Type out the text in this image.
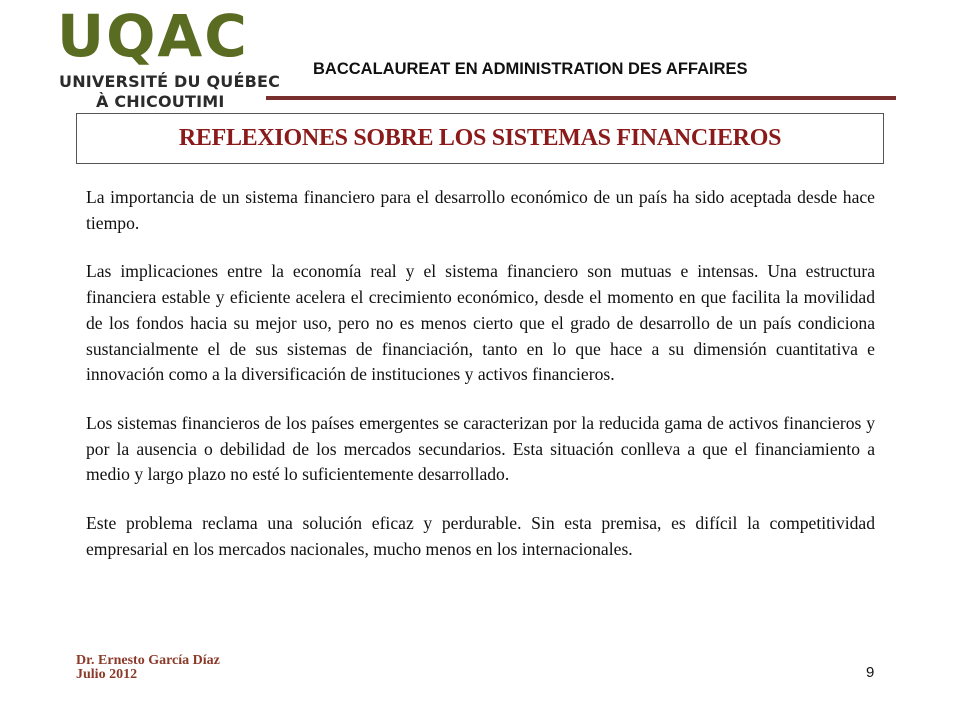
UQAC
UNIVERSITÉ DU QUÉBEC
À CHICOUTIMI
BACCALAUREAT EN ADMINISTRATION DES AFFAIRES
REFLEXIONES SOBRE LOS SISTEMAS FINANCIEROS

La importancia de un sistema financiero para el desarrollo económico de un país ha sido aceptada desde hace tiempo.

Las implicaciones entre la economía real y el sistema financiero son mutuas e intensas. Una estructura financiera estable y eficiente acelera el crecimiento económico, desde el momento en que facilita la movilidad de los fondos hacia su mejor uso, pero no es menos cierto que el grado de desarrollo de un país condiciona sustancialmente el de sus sistemas de financiación, tanto en lo que hace a su dimensión cuantitativa e innovación como a la diversificación de instituciones y activos financieros.

Los sistemas financieros de los países emergentes se caracterizan por la reducida gama de activos financieros y por la ausencia o debilidad de los mercados secundarios. Esta situación conlleva a que el financiamiento a medio y largo plazo no esté lo suficientemente desarrollado.

Este problema reclama una solución eficaz y perdurable. Sin esta premisa, es difícil la competitividad empresarial en los mercados nacionales, mucho menos en los internacionales.

Dr. Ernesto García Díaz
Julio 2012	9
